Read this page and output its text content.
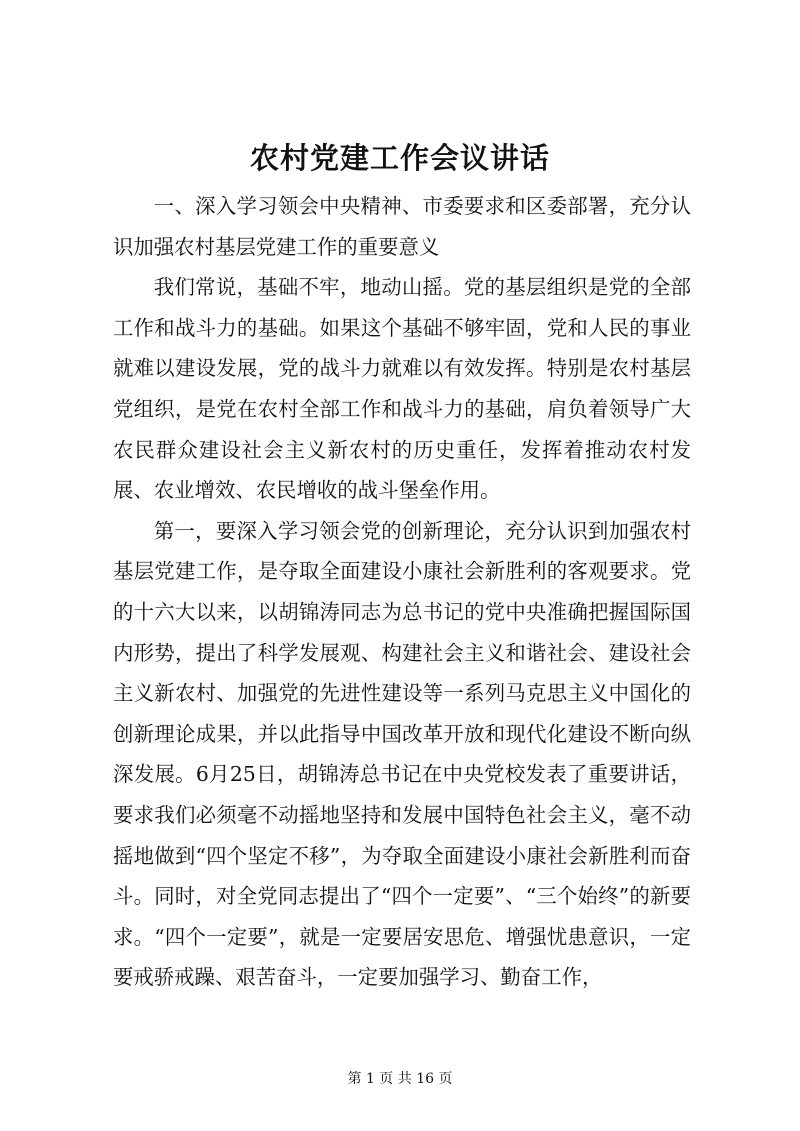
农村党建工作会议讲话

一、深入学习领会中央精神、市委要求和区委部署，充分认识加强农村基层党建工作的重要意义

我们常说，基础不牢，地动山摇。党的基层组织是党的全部工作和战斗力的基础。如果这个基础不够牢固，党和人民的事业就难以建设发展，党的战斗力就难以有效发挥。特别是农村基层党组织，是党在农村全部工作和战斗力的基础，肩负着领导广大农民群众建设社会主义新农村的历史重任，发挥着推动农村发展、农业增效、农民增收的战斗堡垒作用。

第一，要深入学习领会党的创新理论，充分认识到加强农村基层党建工作，是夺取全面建设小康社会新胜利的客观要求。党的十六大以来，以胡锦涛同志为总书记的党中央准确把握国际国内形势，提出了科学发展观、构建社会主义和谐社会、建设社会主义新农村、加强党的先进性建设等一系列马克思主义中国化的创新理论成果，并以此指导中国改革开放和现代化建设不断向纵深发展。6月25日，胡锦涛总书记在中央党校发表了重要讲话，要求我们必须毫不动摇地坚持和发展中国特色社会主义，毫不动摇地做到“四个坚定不移”，为夺取全面建设小康社会新胜利而奋斗。同时，对全党同志提出了“四个一定要”、“三个始终”的新要求。“四个一定要”，就是一定要居安思危、增强忧患意识，一定要戒骄戒躁、艰苦奋斗，一定要加强学习、勤奋工作，

第 1 页 共 16 页
